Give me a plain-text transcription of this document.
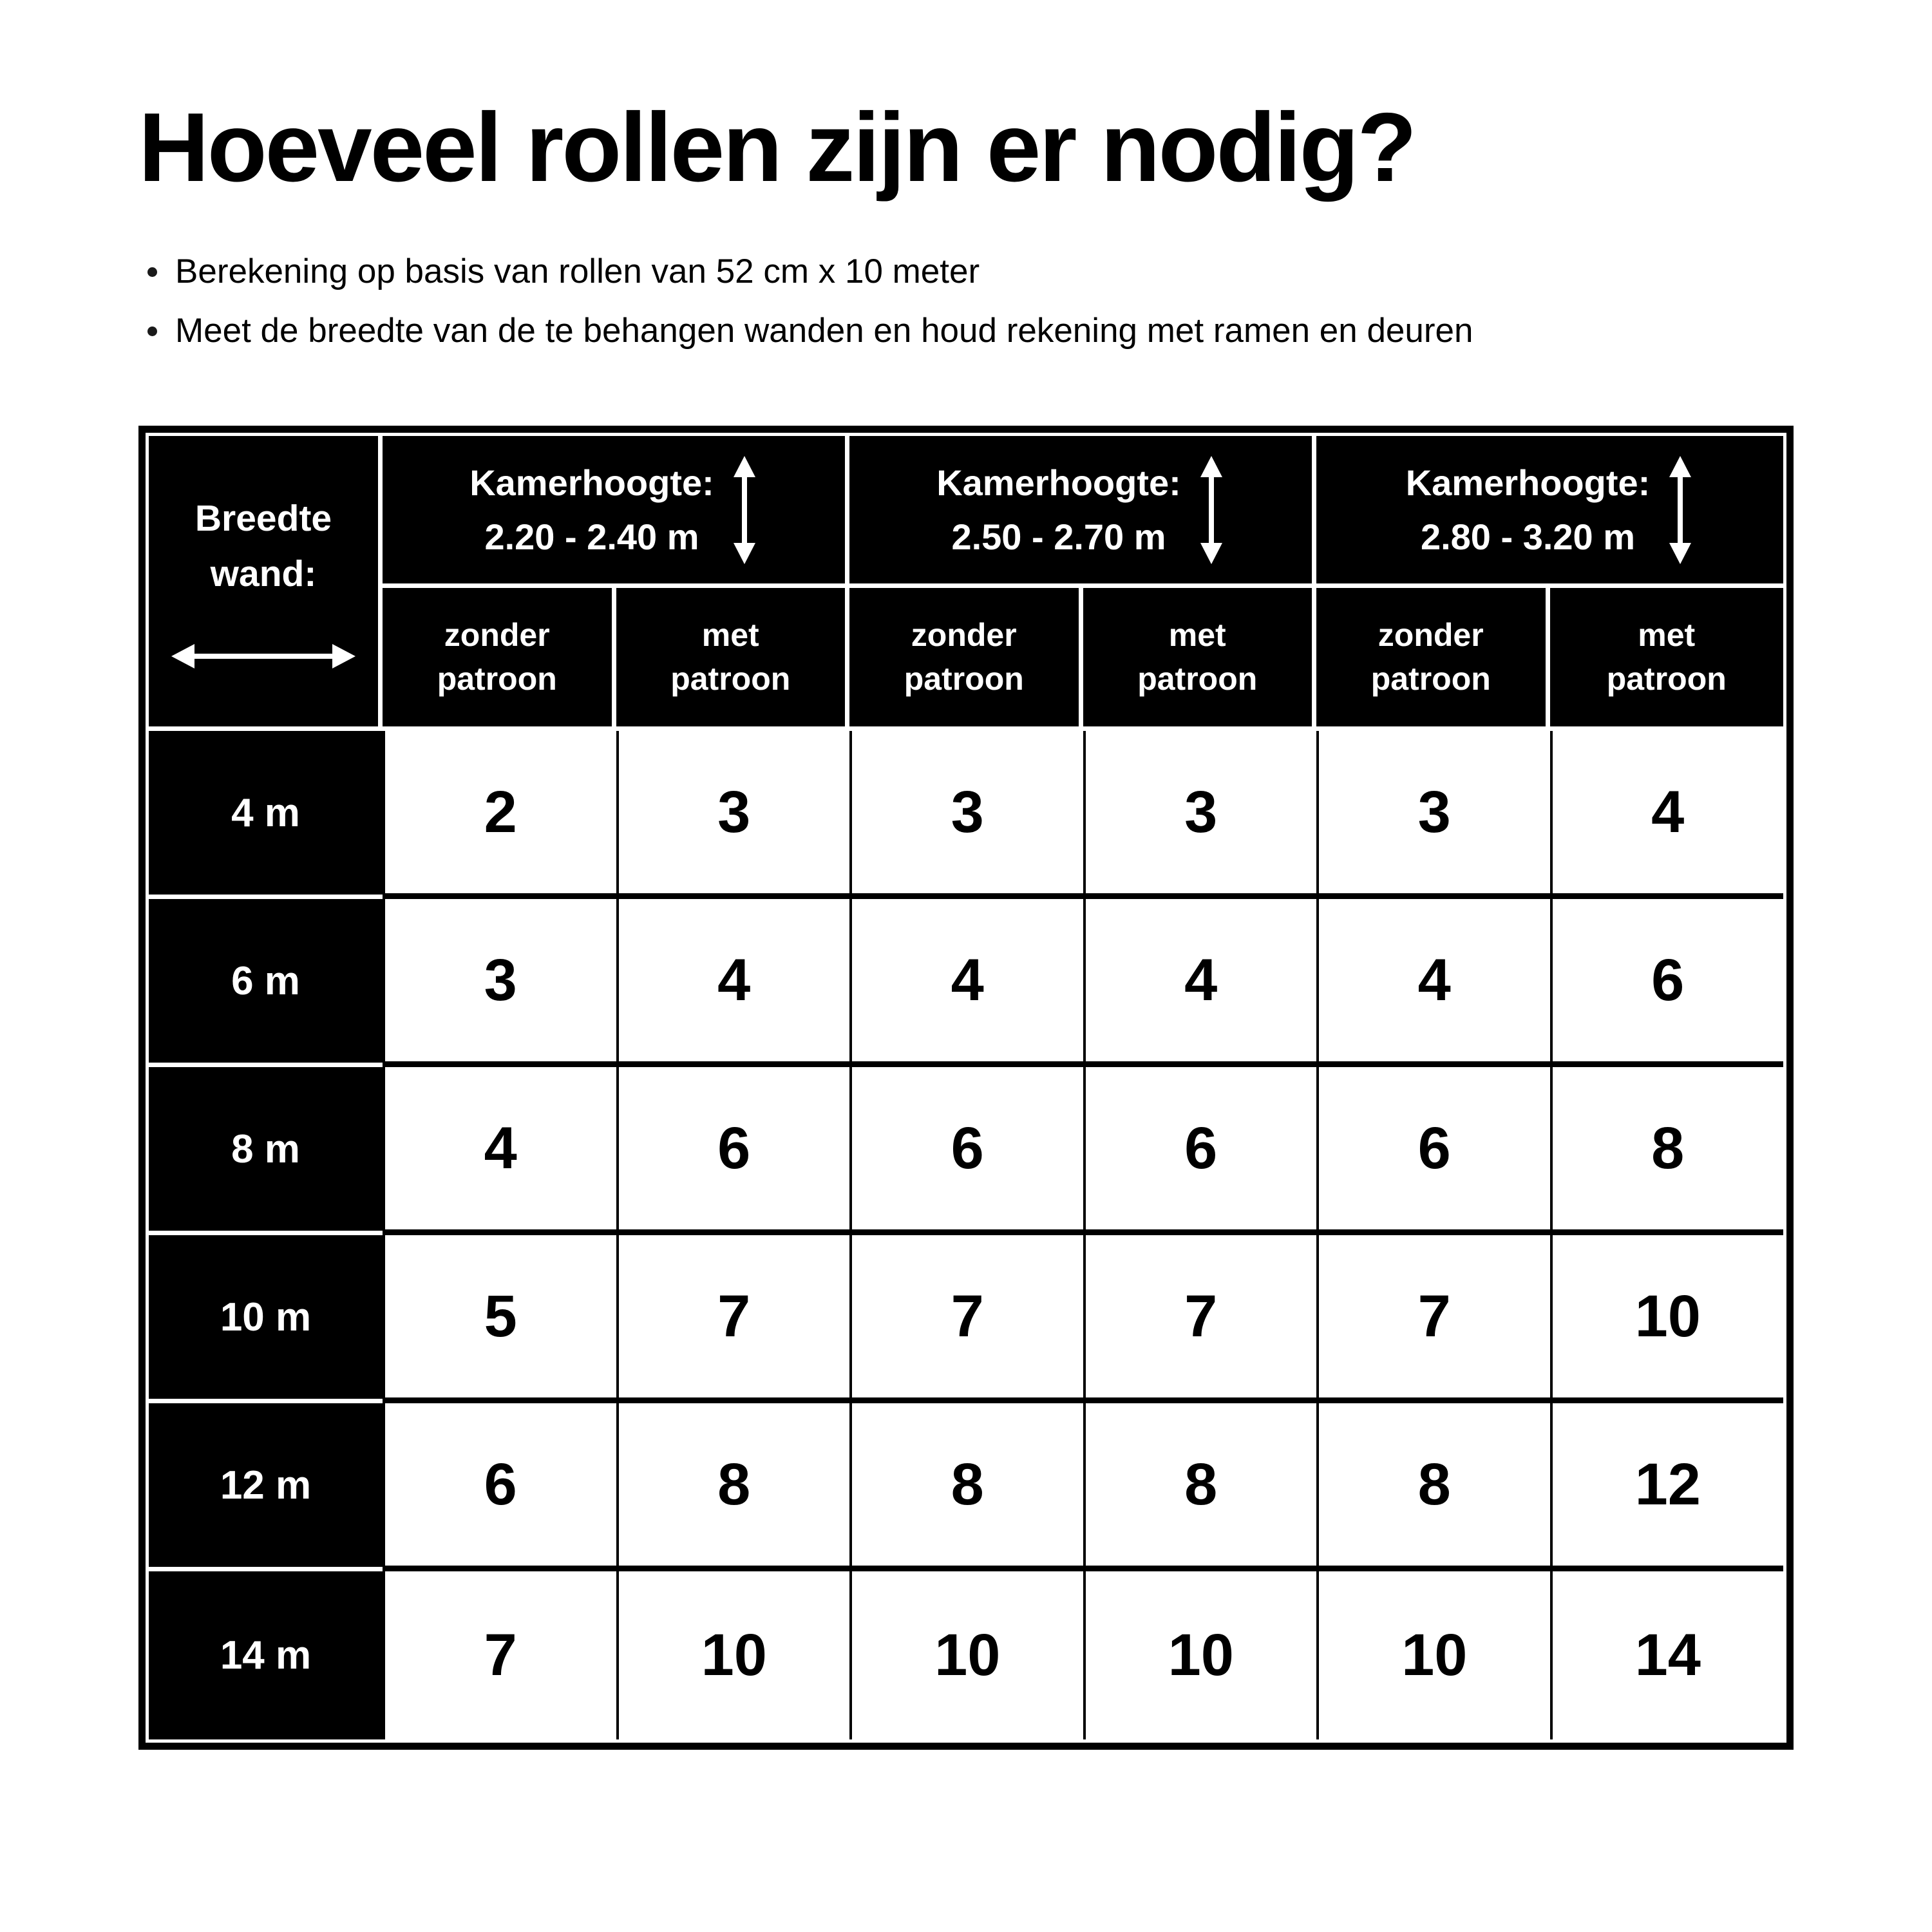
Hoeveel rollen zijn er nodig?
Berekening op basis van rollen van 52 cm x 10 meter
Meet de breedte van de te behangen wanden en houd rekening met ramen en deuren
Breedte
wand:
Kamerhoogte:
2.20 - 2.40 m
Kamerhoogte:
2.50 - 2.70 m
Kamerhoogte:
2.80 - 3.20 m
zonder patroon
met patroon
zonder patroon
met patroon
zonder patroon
met patroon
4 m	2	3	3	3	3	4
6 m	3	4	4	4	4	6
8 m	4	6	6	6	6	8
10 m	5	7	7	7	7	10
12 m	6	8	8	8	8	12
14 m	7	10	10	10	10	14
